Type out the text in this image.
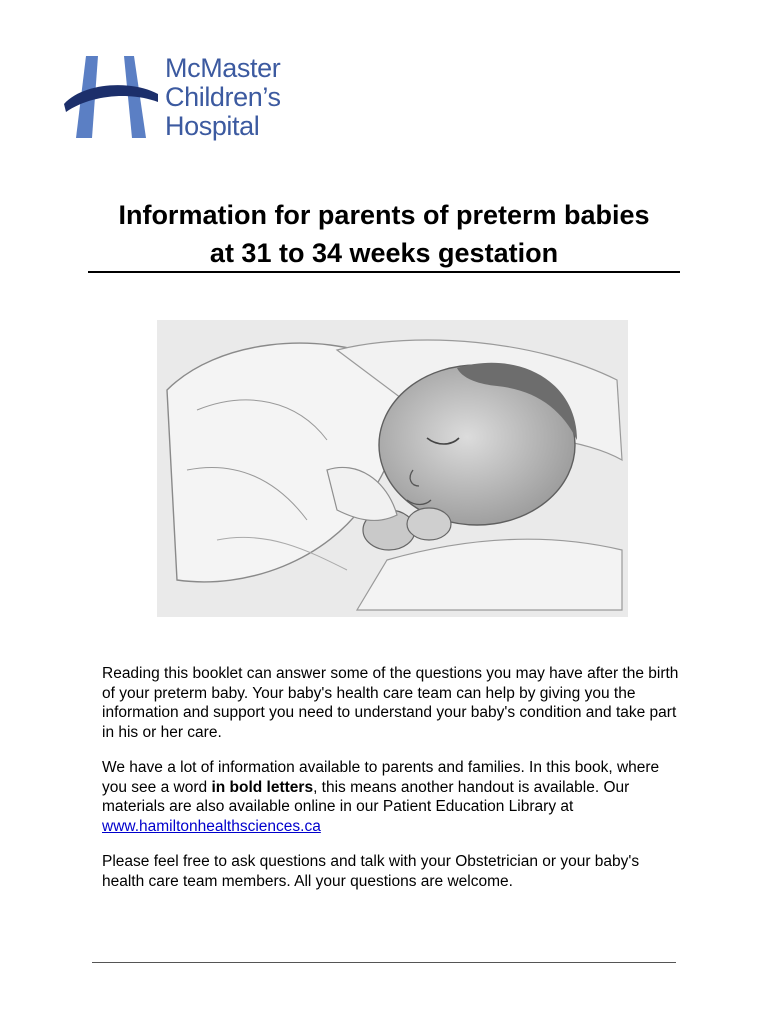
McMaster
Children’s
Hospital
Information for parents of preterm babies
at 31 to 34 weeks gestation

Reading this booklet can answer some of the questions you may have after the birth of your preterm baby. Your baby's health care team can help by giving you the information and support you need to understand your baby's condition and take part in his or her care.

We have a lot of information available to parents and families. In this book, where you see a word in bold letters, this means another handout is available. Our materials are also available online in our Patient Education Library at
www.hamiltonhealthsciences.ca

Please feel free to ask questions and talk with your Obstetrician or your baby's health care team members. All your questions are welcome.
